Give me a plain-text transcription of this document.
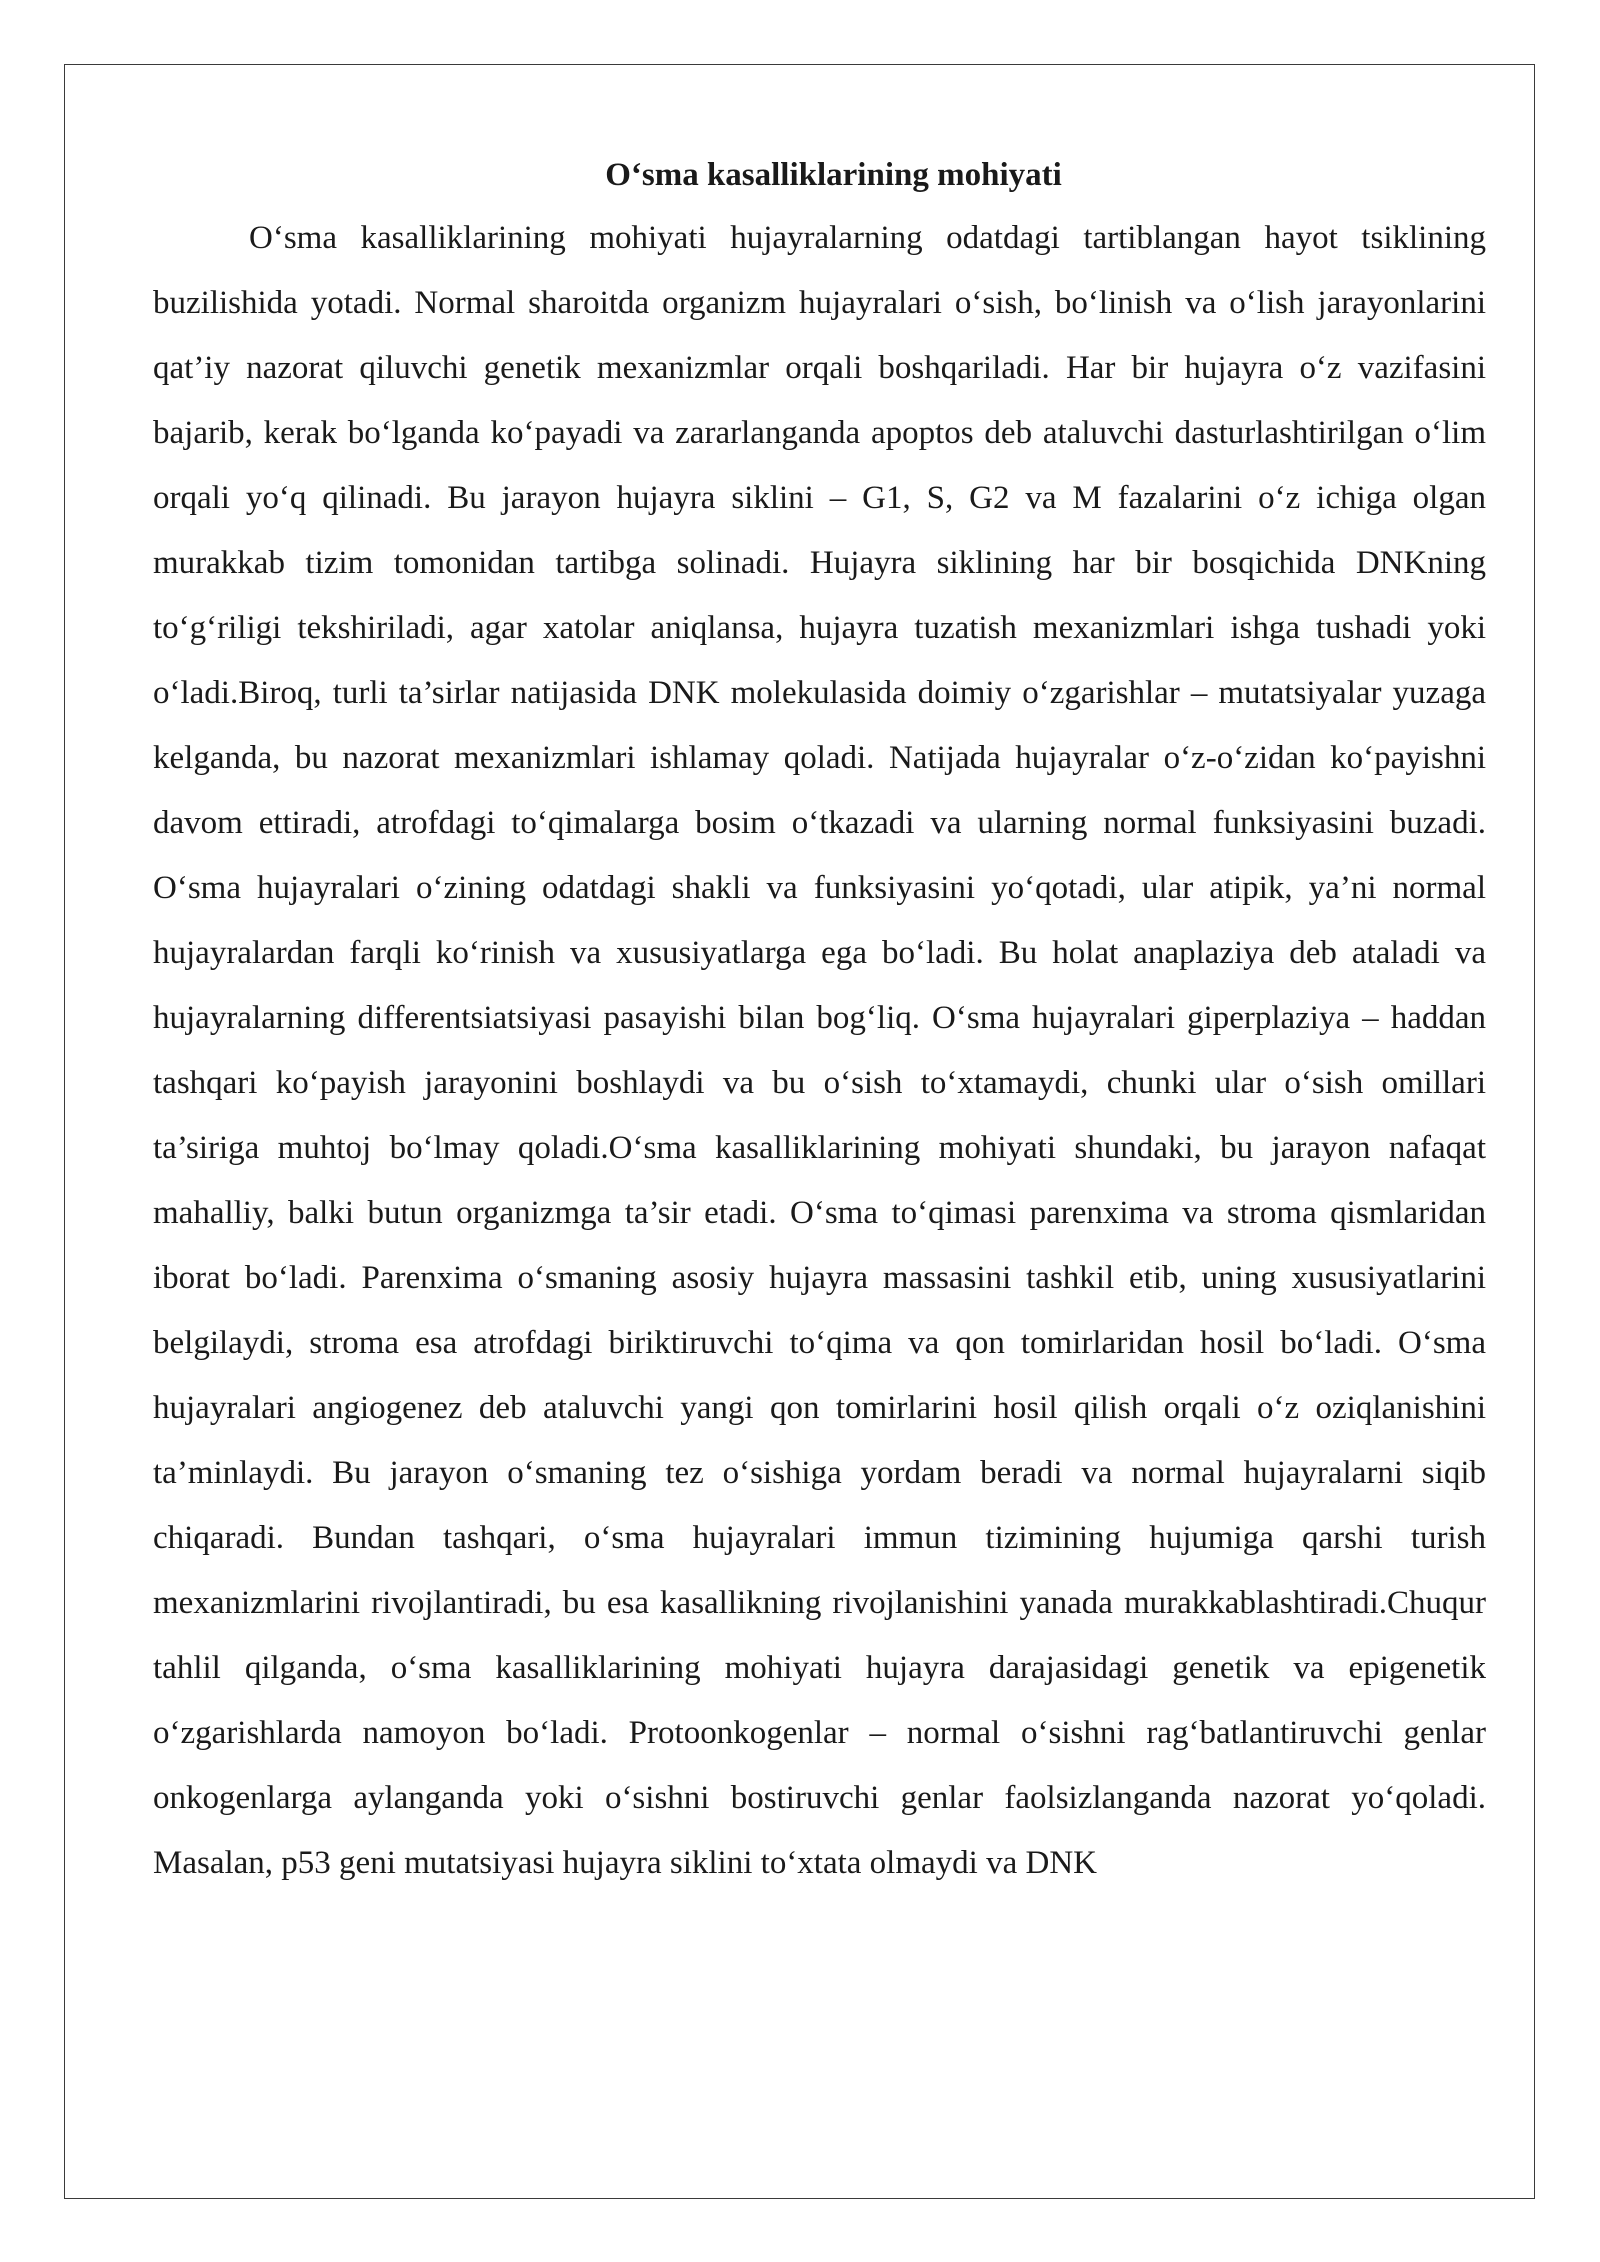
O‘sma kasalliklarining mohiyati

O‘sma kasalliklarining mohiyati hujayralarning odatdagi tartiblangan hayot tsiklining buzilishida yotadi. Normal sharoitda organizm hujayralari o‘sish, bo‘linish va o‘lish jarayonlarini qat’iy nazorat qiluvchi genetik mexanizmlar orqali boshqariladi. Har bir hujayra o‘z vazifasini bajarib, kerak bo‘lganda ko‘payadi va zararlanganda apoptos deb ataluvchi dasturlashtirilgan o‘lim orqali yo‘q qilinadi. Bu jarayon hujayra siklini – G1, S, G2 va M fazalarini o‘z ichiga olgan murakkab tizim tomonidan tartibga solinadi. Hujayra siklining har bir bosqichida DNKning to‘g‘riligi tekshiriladi, agar xatolar aniqlansa, hujayra tuzatish mexanizmlari ishga tushadi yoki o‘ladi.Biroq, turli ta’sirlar natijasida DNK molekulasida doimiy o‘zgarishlar – mutatsiyalar yuzaga kelganda, bu nazorat mexanizmlari ishlamay qoladi. Natijada hujayralar o‘z-o‘zidan ko‘payishni davom ettiradi, atrofdagi to‘qimalarga bosim o‘tkazadi va ularning normal funksiyasini buzadi. O‘sma hujayralari o‘zining odatdagi shakli va funksiyasini yo‘qotadi, ular atipik, ya’ni normal hujayralardan farqli ko‘rinish va xususiyatlarga ega bo‘ladi. Bu holat anaplaziya deb ataladi va hujayralarning differentsiatsiyasi pasayishi bilan bog‘liq. O‘sma hujayralari giperplaziya – haddan tashqari ko‘payish jarayonini boshlaydi va bu o‘sish to‘xtamaydi, chunki ular o‘sish omillari ta’siriga muhtoj bo‘lmay qoladi.O‘sma kasalliklarining mohiyati shundaki, bu jarayon nafaqat mahalliy, balki butun organizmga ta’sir etadi. O‘sma to‘qimasi parenxima va stroma qismlaridan iborat bo‘ladi. Parenxima o‘smaning asosiy hujayra massasini tashkil etib, uning xususiyatlarini belgilaydi, stroma esa atrofdagi biriktiruvchi to‘qima va qon tomirlaridan hosil bo‘ladi. O‘sma hujayralari angiogenez deb ataluvchi yangi qon tomirlarini hosil qilish orqali o‘z oziqlanishini ta’minlaydi. Bu jarayon o‘smaning tez o‘sishiga yordam beradi va normal hujayralarni siqib chiqaradi. Bundan tashqari, o‘sma hujayralari immun tizimining hujumiga qarshi turish mexanizmlarini rivojlantiradi, bu esa kasallikning rivojlanishini yanada murakkablashtiradi.Chuqur tahlil qilganda, o‘sma kasalliklarining mohiyati hujayra darajasidagi genetik va epigenetik o‘zgarishlarda namoyon bo‘ladi. Protoonkogenlar – normal o‘sishni rag‘batlantiruvchi genlar onkogenlarga aylanganda yoki o‘sishni bostiruvchi genlar faolsizlanganda nazorat yo‘qoladi. Masalan, p53 geni mutatsiyasi hujayra siklini to‘xtata olmaydi va DNK
